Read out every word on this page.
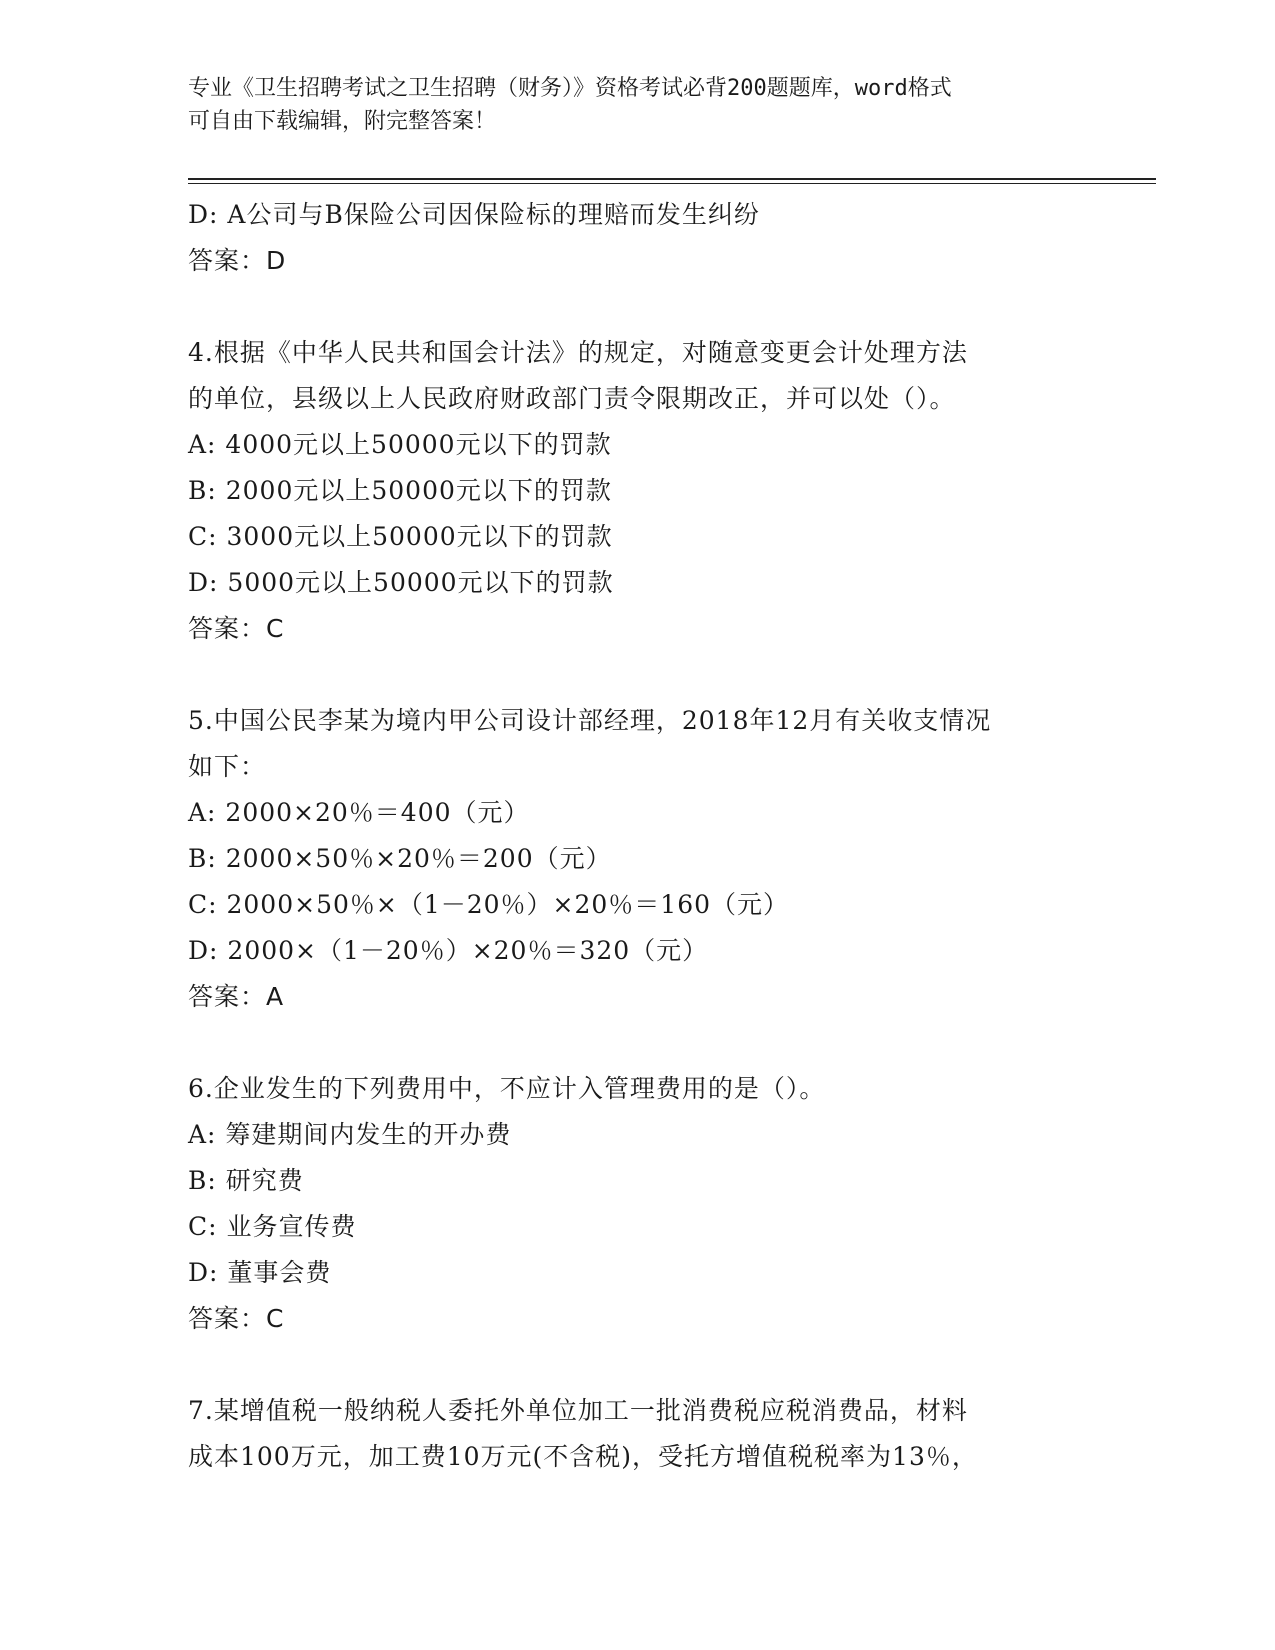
专业《卫生招聘考试之卫生招聘（财务）》资格考试必背200题题库，word格式
可自由下载编辑，附完整答案！
D: A公司与B保险公司因保险标的理赔而发生纠纷
答案：D
4.根据《中华人民共和国会计法》的规定，对随意变更会计处理方法
的单位，县级以上人民政府财政部门责令限期改正，并可以处（）。
A: 4000元以上50000元以下的罚款
B: 2000元以上50000元以下的罚款
C: 3000元以上50000元以下的罚款
D: 5000元以上50000元以下的罚款
答案：C
5.中国公民李某为境内甲公司设计部经理，2018年12月有关收支情况
如下：
A: 2000×20％＝400（元）
B: 2000×50％×20％＝200（元）
C: 2000×50％×（1－20％）×20％＝160（元）
D: 2000×（1－20％）×20％＝320（元）
答案：A
6.企业发生的下列费用中，不应计入管理费用的是（）。
A: 筹建期间内发生的开办费
B: 研究费
C: 业务宣传费
D: 董事会费
答案：C
7.某增值税一般纳税人委托外单位加工一批消费税应税消费品，材料
成本100万元，加工费10万元(不含税)，受托方增值税税率为13％，
